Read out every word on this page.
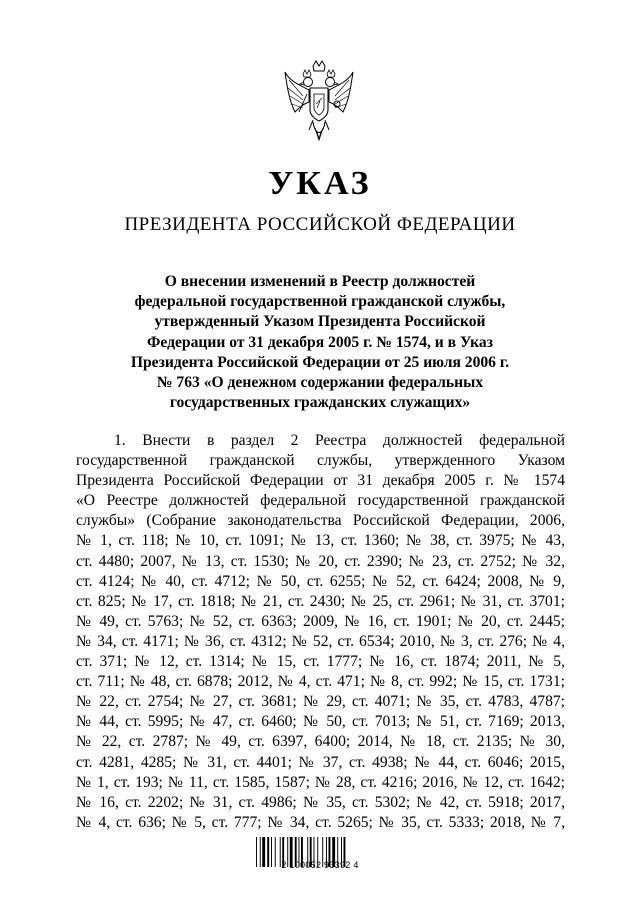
УКАЗ
ПРЕЗИДЕНТА РОССИЙСКОЙ ФЕДЕРАЦИИ
О внесении изменений в Реестр должностей
федеральной государственной гражданской службы,
утвержденный Указом Президента Российской
Федерации от 31 декабря 2005 г. № 1574, и в Указ
Президента Российской Федерации от 25 июля 2006 г.
№ 763 «О денежном содержании федеральных
государственных гражданских служащих»
1. Внести в раздел 2 Реестра должностей федеральной
государственной гражданской службы, утвержденного Указом
Президента Российской Федерации от 31 декабря 2005 г. № 1574
«О Реестре должностей федеральной государственной гражданской
службы» (Собрание законодательства Российской Федерации, 2006,
№ 1, ст. 118; № 10, ст. 1091; № 13, ст. 1360; № 38, ст. 3975; № 43,
ст. 4480; 2007, № 13, ст. 1530; № 20, ст. 2390; № 23, ст. 2752; № 32,
ст. 4124; № 40, ст. 4712; № 50, ст. 6255; № 52, ст. 6424; 2008, № 9,
ст. 825; № 17, ст. 1818; № 21, ст. 2430; № 25, ст. 2961; № 31, ст. 3701;
№ 49, ст. 5763; № 52, ст. 6363; 2009, № 16, ст. 1901; № 20, ст. 2445;
№ 34, ст. 4171; № 36, ст. 4312; № 52, ст. 6534; 2010, № 3, ст. 276; № 4,
ст. 371; № 12, ст. 1314; № 15, ст. 1777; № 16, ст. 1874; 2011, № 5,
ст. 711; № 48, ст. 6878; 2012, № 4, ст. 471; № 8, ст. 992; № 15, ст. 1731;
№ 22, ст. 2754; № 27, ст. 3681; № 29, ст. 4071; № 35, ст. 4783, 4787;
№ 44, ст. 5995; № 47, ст. 6460; № 50, ст. 7013; № 51, ст. 7169; 2013,
№ 22, ст. 2787; № 49, ст. 6397, 6400; 2014, № 18, ст. 2135; № 30,
ст. 4281, 4285; № 31, ст. 4401; № 37, ст. 4938; № 44, ст. 6046; 2015,
№ 1, ст. 193; № 11, ст. 1585, 1587; № 28, ст. 4216; 2016, № 12, ст. 1642;
№ 16, ст. 2202; № 31, ст. 4986; № 35, ст. 5302; № 42, ст. 5918; 2017,
№ 4, ст. 636; № 5, ст. 777; № 34, ст. 5265; № 35, ст. 5333; 2018, № 7,
2 100052 93392 4
